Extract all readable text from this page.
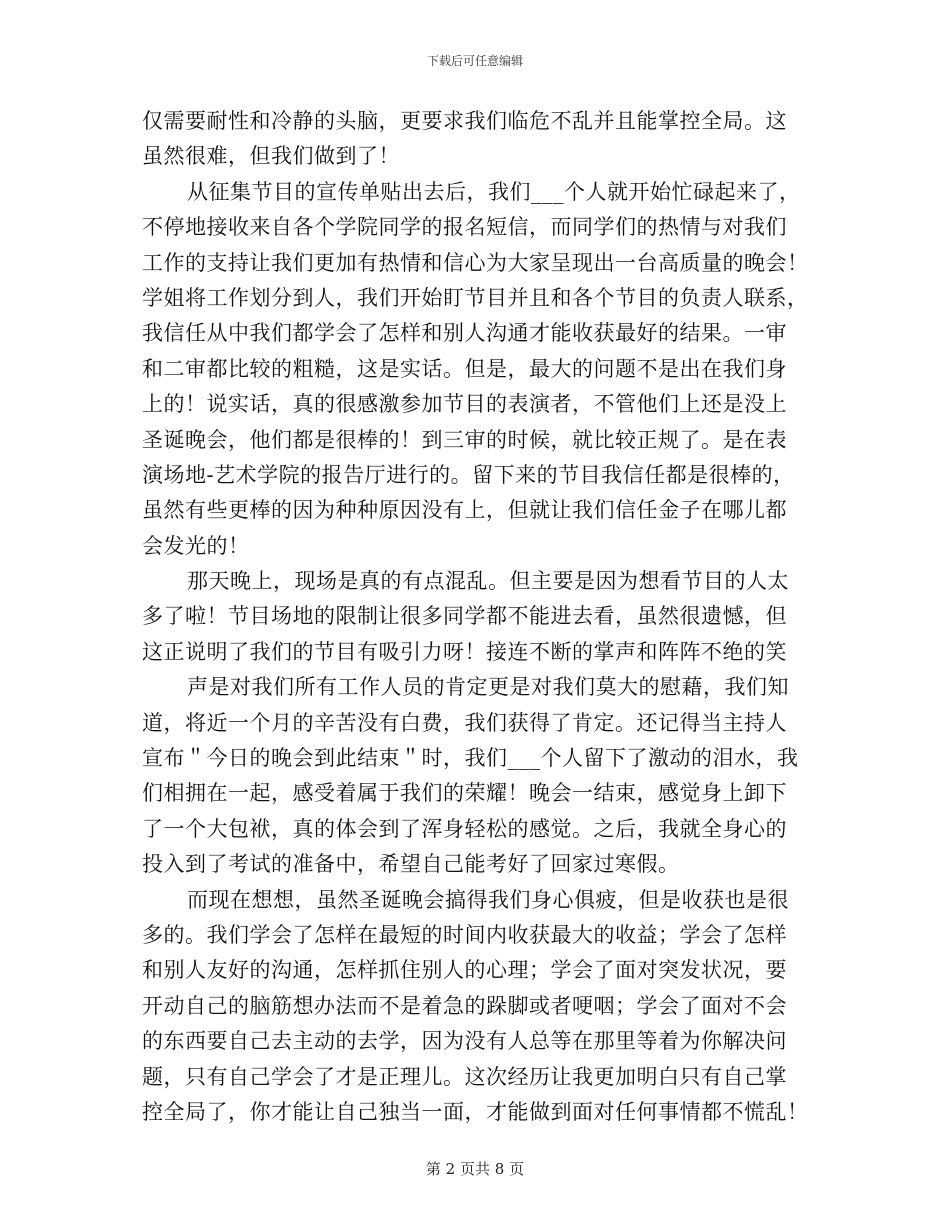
下载后可任意编辑
仅需要耐性和冷静的头脑，更要求我们临危不乱并且能掌控全局。这
虽然很难，但我们做到了！
从征集节目的宣传单贴出去后，我们___个人就开始忙碌起来了，
不停地接收来自各个学院同学的报名短信，而同学们的热情与对我们
工作的支持让我们更加有热情和信心为大家呈现出一台高质量的晚会！
学姐将工作划分到人，我们开始盯节目并且和各个节目的负责人联系，
我信任从中我们都学会了怎样和别人沟通才能收获最好的结果。一审
和二审都比较的粗糙，这是实话。但是，最大的问题不是出在我们身
上的！说实话，真的很感激参加节目的表演者，不管他们上还是没上
圣诞晚会，他们都是很棒的！到三审的时候，就比较正规了。是在表
演场地-艺术学院的报告厅进行的。留下来的节目我信任都是很棒的，
虽然有些更棒的因为种种原因没有上，但就让我们信任金子在哪儿都
会发光的！
那天晚上，现场是真的有点混乱。但主要是因为想看节目的人太
多了啦！节目场地的限制让很多同学都不能进去看，虽然很遗憾，但
这正说明了我们的节目有吸引力呀！接连不断的掌声和阵阵不绝的笑
声是对我们所有工作人员的肯定更是对我们莫大的慰藉，我们知
道，将近一个月的辛苦没有白费，我们获得了肯定。还记得当主持人
宣布＂今日的晚会到此结束＂时，我们___个人留下了激动的泪水，我
们相拥在一起，感受着属于我们的荣耀！晚会一结束，感觉身上卸下
了一个大包袱，真的体会到了浑身轻松的感觉。之后，我就全身心的
投入到了考试的准备中，希望自己能考好了回家过寒假。
而现在想想，虽然圣诞晚会搞得我们身心俱疲，但是收获也是很
多的。我们学会了怎样在最短的时间内收获最大的收益；学会了怎样
和别人友好的沟通，怎样抓住别人的心理；学会了面对突发状况，要
开动自己的脑筋想办法而不是着急的跺脚或者哽咽；学会了面对不会
的东西要自己去主动的去学，因为没有人总等在那里等着为你解决问
题，只有自己学会了才是正理儿。这次经历让我更加明白只有自己掌
控全局了，你才能让自己独当一面，才能做到面对任何事情都不慌乱！
第 2 页共 8 页
